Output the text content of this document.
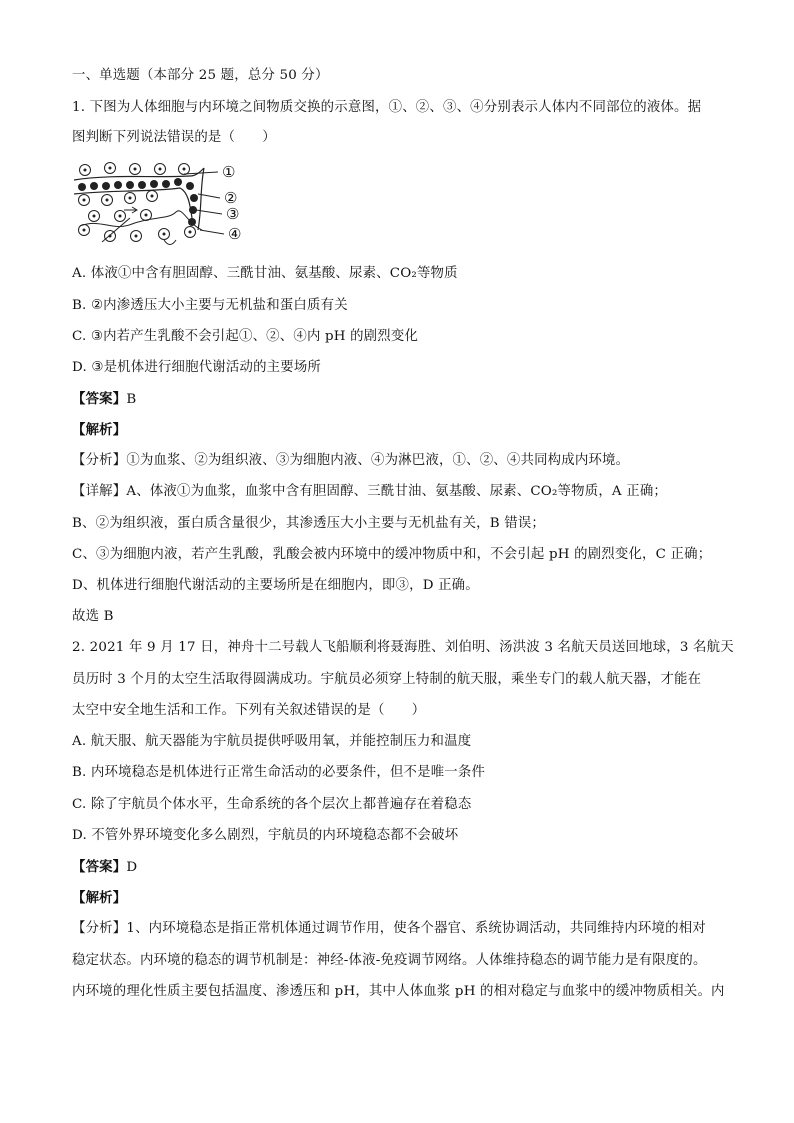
一、单选题（本部分 25 题，总分 50 分）
1. 下图为人体细胞与内环境之间物质交换的示意图，①、②、③、④分别表示人体内不同部位的液体。据
图判断下列说法错误的是（　　）
①
②
③
④
A. 体液①中含有胆固醇、三酰甘油、氨基酸、尿素、CO₂等物质
B. ②内渗透压大小主要与无机盐和蛋白质有关
C. ③内若产生乳酸不会引起①、②、④内 pH 的剧烈变化
D. ③是机体进行细胞代谢活动的主要场所
【答案】B
【解析】
【分析】①为血浆、②为组织液、③为细胞内液、④为淋巴液，①、②、④共同构成内环境。
【详解】A、体液①为血浆，血浆中含有胆固醇、三酰甘油、氨基酸、尿素、CO₂等物质，A 正确；
B、②为组织液，蛋白质含量很少，其渗透压大小主要与无机盐有关，B 错误；
C、③为细胞内液，若产生乳酸，乳酸会被内环境中的缓冲物质中和，不会引起 pH 的剧烈变化，C 正确；
D、机体进行细胞代谢活动的主要场所是在细胞内，即③，D 正确。
故选 B
2. 2021 年 9 月 17 日，神舟十二号载人飞船顺利将聂海胜、刘伯明、汤洪波 3 名航天员送回地球，3 名航天
员历时 3 个月的太空生活取得圆满成功。宇航员必须穿上特制的航天服，乘坐专门的载人航天器，才能在
太空中安全地生活和工作。下列有关叙述错误的是（　　）
A. 航天服、航天器能为宇航员提供呼吸用氧，并能控制压力和温度
B. 内环境稳态是机体进行正常生命活动的必要条件，但不是唯一条件
C. 除了宇航员个体水平，生命系统的各个层次上都普遍存在着稳态
D. 不管外界环境变化多么剧烈，宇航员的内环境稳态都不会破坏
【答案】D
【解析】
【分析】1、内环境稳态是指正常机体通过调节作用，使各个器官、系统协调活动，共同维持内环境的相对
稳定状态。内环境的稳态的调节机制是：神经-体液-免疫调节网络。人体维持稳态的调节能力是有限度的。
内环境的理化性质主要包括温度、渗透压和 pH，其中人体血浆 pH 的相对稳定与血浆中的缓冲物质相关。内
